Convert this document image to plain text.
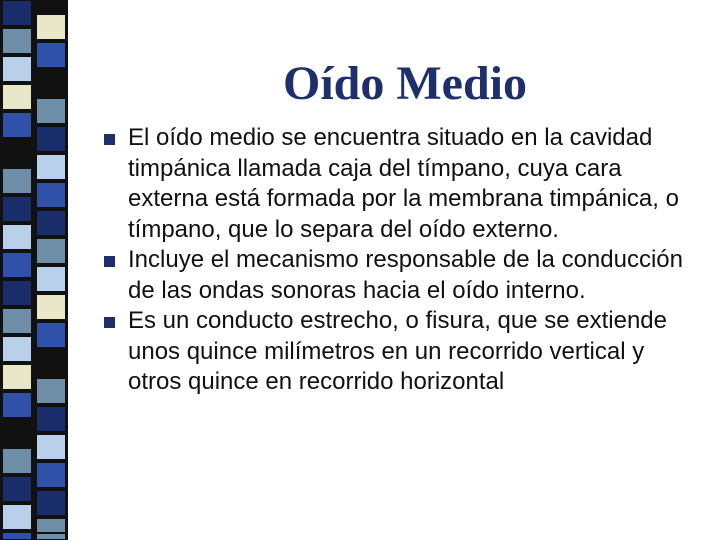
Oído Medio
El oído medio se encuentra situado en la cavidad timpánica llamada caja del tímpano, cuya cara externa está formada por la membrana timpánica, o tímpano, que lo separa del oído externo.
Incluye el mecanismo responsable de la conducción de las ondas sonoras hacia el oído interno.
Es un conducto estrecho, o fisura, que se extiende unos quince milímetros en un recorrido vertical y otros quince en recorrido horizontal
